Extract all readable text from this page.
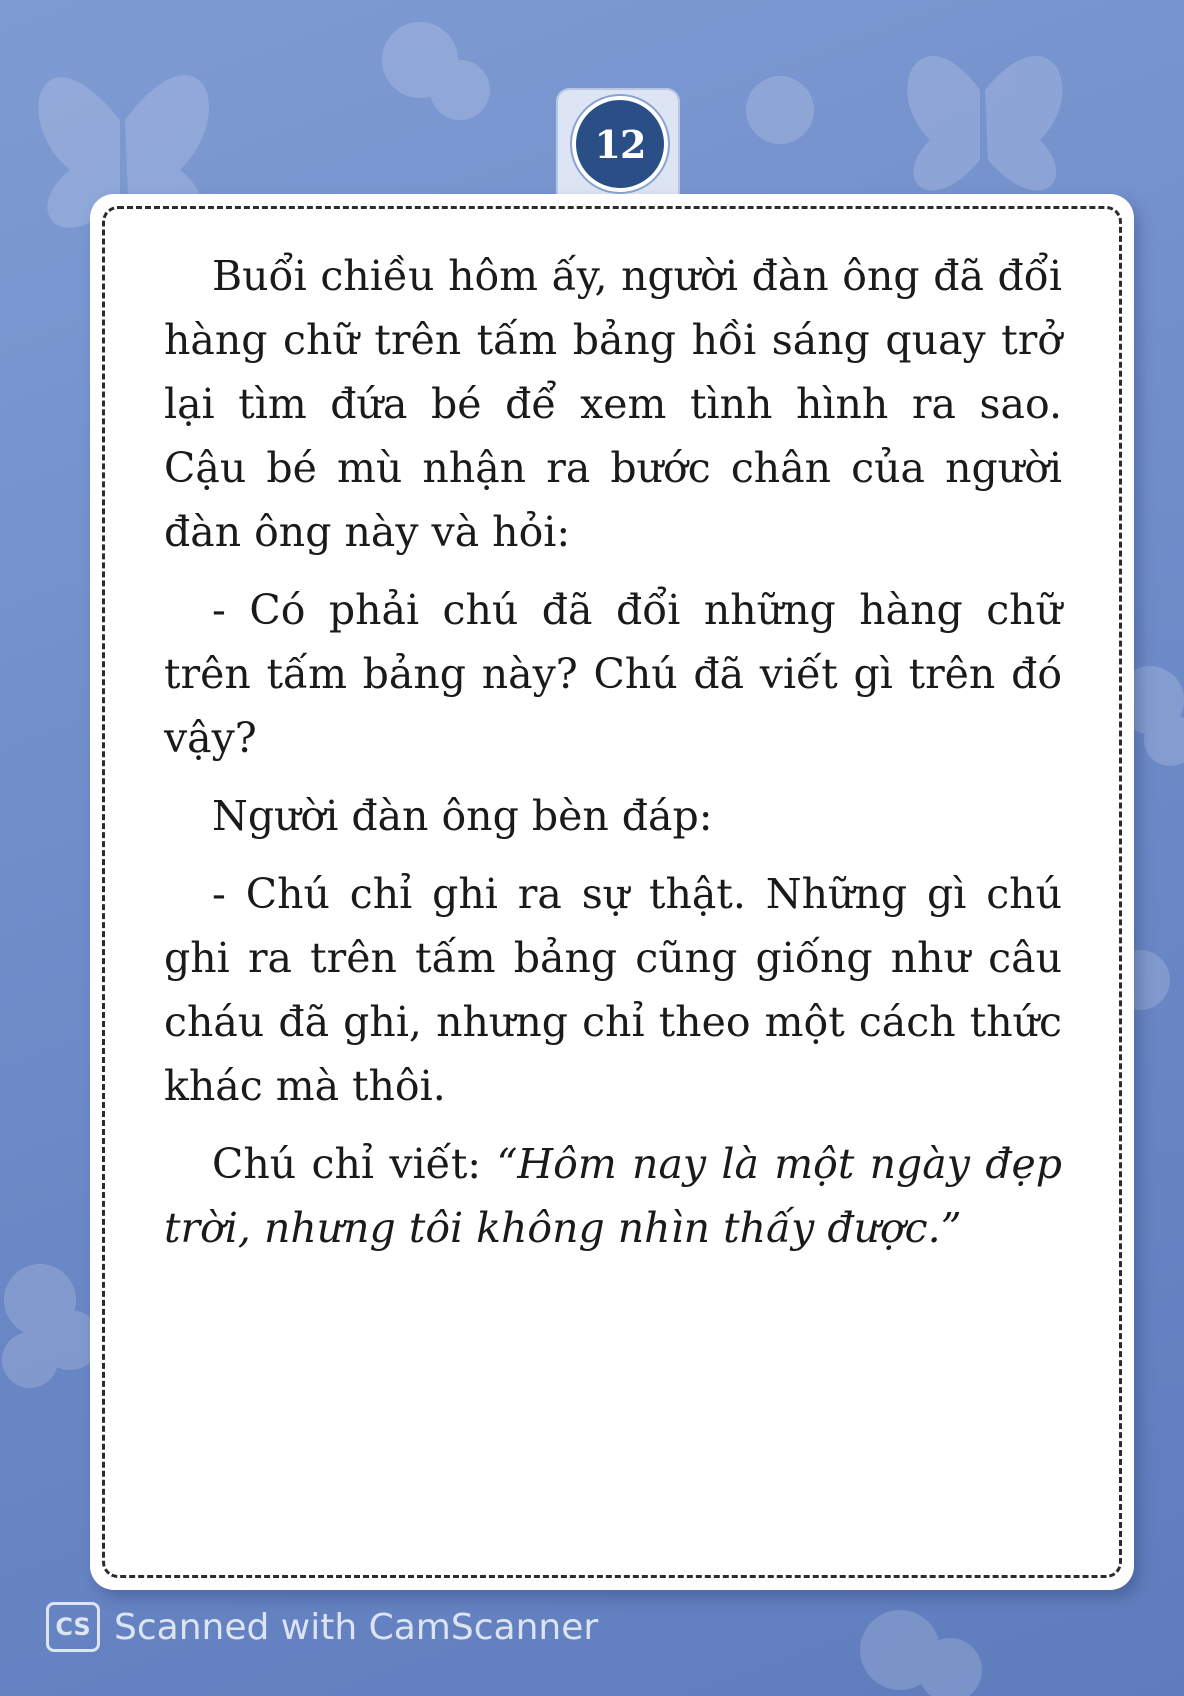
12

Buổi chiều hôm ấy, người đàn ông đã đổi hàng chữ trên tấm bảng hồi sáng quay trở lại tìm đứa bé để xem tình hình ra sao. Cậu bé mù nhận ra bước chân của người đàn ông này và hỏi:

- Có phải chú đã đổi những hàng chữ trên tấm bảng này? Chú đã viết gì trên đó vậy?

Người đàn ông bèn đáp:

- Chú chỉ ghi ra sự thật. Những gì chú ghi ra trên tấm bảng cũng giống như câu cháu đã ghi, nhưng chỉ theo một cách thức khác mà thôi.

Chú chỉ viết: “Hôm nay là một ngày đẹp trời, nhưng tôi không nhìn thấy được.”

CS Scanned with CamScanner
